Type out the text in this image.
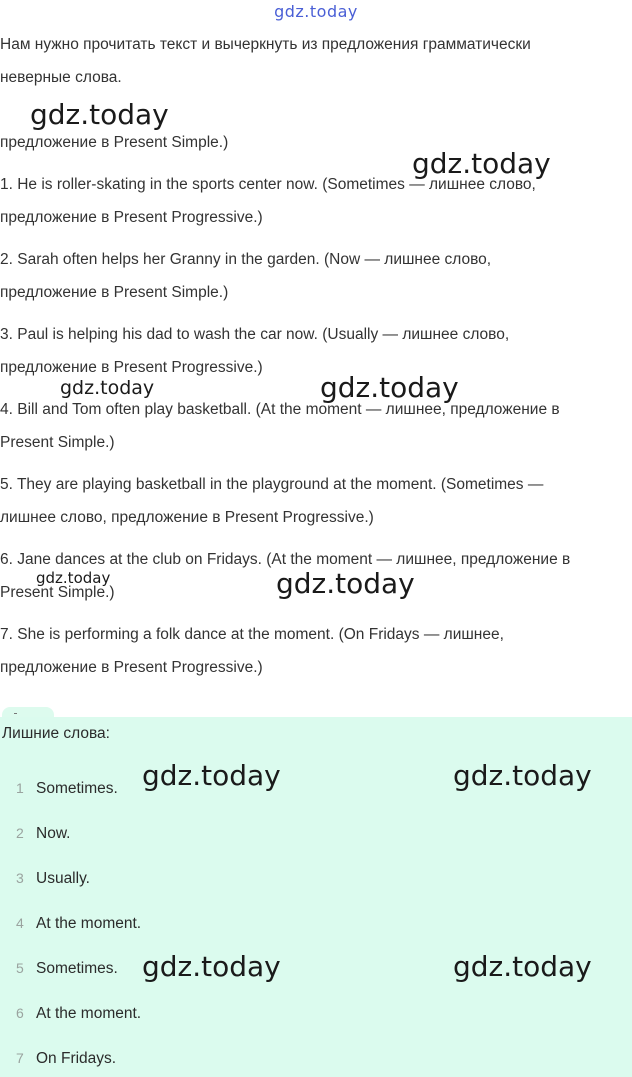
gdz.today
Нам нужно прочитать текст и вычеркнуть из предложения грамматически
неверные слова.
gdz.today
предложение в Present Simple.)
gdz.today
1. He is roller-skating in the sports center now. (Sometimes — лишнее слово,
предложение в Present Progressive.)
2. Sarah often helps her Granny in the garden. (Now — лишнее слово,
предложение в Present Simple.)
3. Paul is helping his dad to wash the car now. (Usually — лишнее слово,
предложение в Present Progressive.)
gdz.today	gdz.today
4. Bill and Tom often play basketball. (At the moment — лишнее, предложение в
Present Simple.)
5. They are playing basketball in the playground at the moment. (Sometimes —
лишнее слово, предложение в Present Progressive.)
6. Jane dances at the club on Fridays. (At the moment — лишнее, предложение в
gdz.today
Present Simple.)	gdz.today
7. She is performing a folk dance at the moment. (On Fridays — лишнее,
предложение в Present Progressive.)
Лишние слова:
1 Sometimes.
2 Now.
3 Usually.
4 At the moment.
5 Sometimes.
6 At the moment.
7 On Fridays.
gdz.today	gdz.today
gdz.today	gdz.today
